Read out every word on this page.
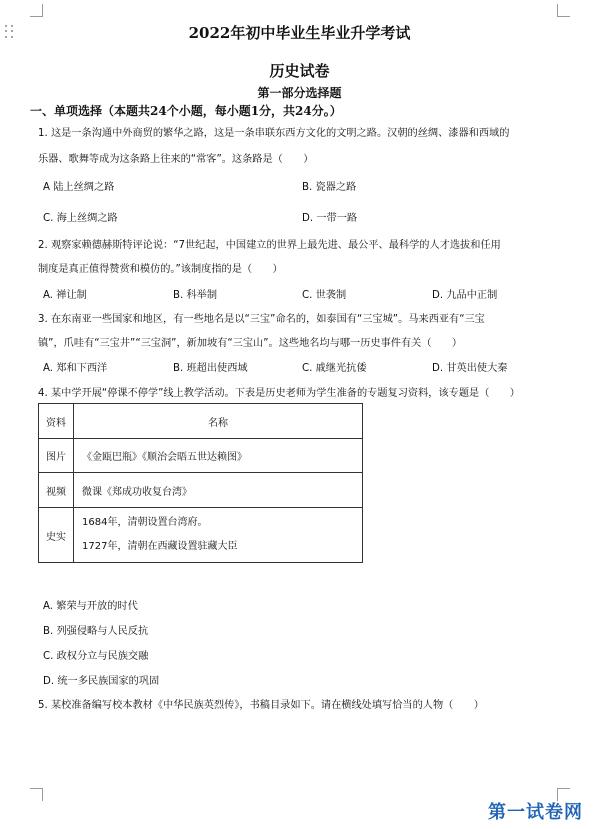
2022年初中毕业生毕业升学考试
历史试卷
第一部分选择题
一、单项选择（本题共24个小题，每小题1分，共24分。）
1. 这是一条沟通中外商贸的繁华之路，这是一条串联东西方文化的文明之路。汉朝的丝绸、漆器和西域的
乐器、歌舞等成为这条路上往来的“常客”。这条路是（　　）
A 陆上丝绸之路	B. 瓷器之路
C. 海上丝绸之路	D. 一带一路
2. 观察家赖德赫斯特评论说：“7世纪起，中国建立的世界上最先进、最公平、最科学的人才选拔和任用
制度是真正值得赞赏和模仿的。”该制度指的是（　　）
A. 禅让制	B. 科举制	C. 世袭制	D. 九品中正制
3. 在东南亚一些国家和地区，有一些地名是以“三宝”命名的，如泰国有“三宝城”。马来西亚有“三宝
镇”，爪哇有“三宝井”“三宝洞”，新加坡有“三宝山”。这些地名均与哪一历史事件有关（　　）
A. 郑和下西洋	B. 班超出使西域	C. 戚继光抗倭	D. 甘英出使大秦
4. 某中学开展“停课不停学”线上教学活动。下表是历史老师为学生准备的专题复习资料，该专题是（　　）
资料	名称
图片	《金瓯巴瓶》《顺治会晤五世达赖图》
视频	微课《郑成功收复台湾》
史实	1684年，清朝设置台湾府。
1727年，清朝在西藏设置驻藏大臣
A. 繁荣与开放的时代
B. 列强侵略与人民反抗
C. 政权分立与民族交融
D. 统一多民族国家的巩固
5. 某校准备编写校本教材《中华民族英烈传》，书稿目录如下。请在横线处填写恰当的人物（　　）
第一试卷网
